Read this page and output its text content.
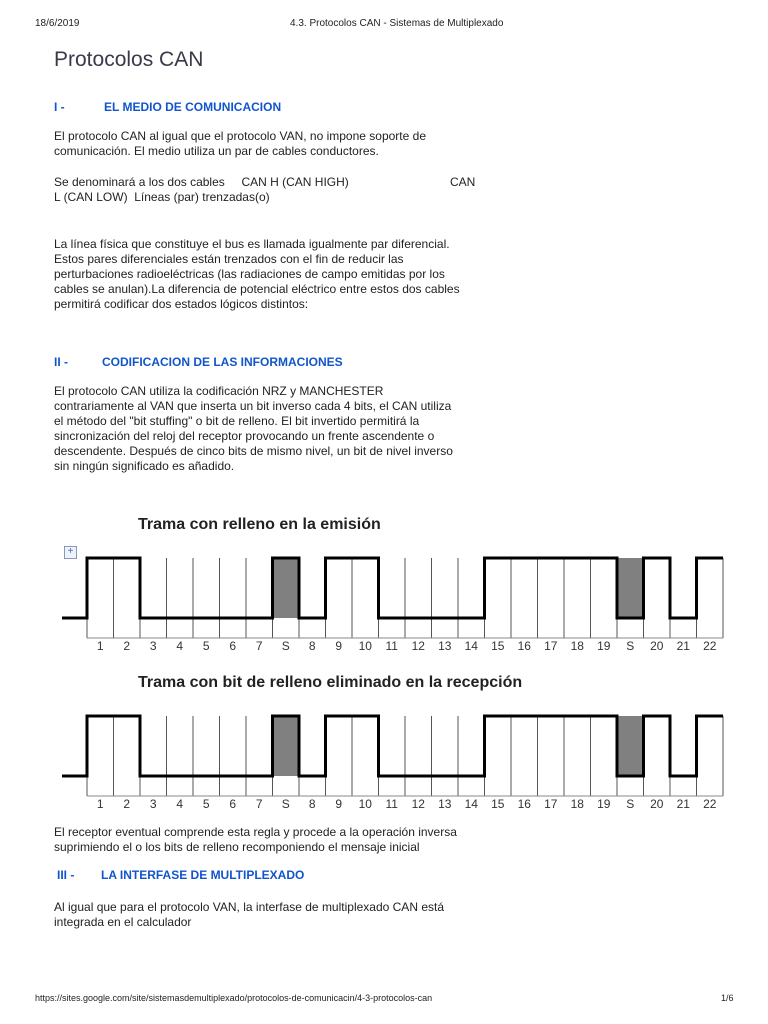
18/6/2019	4.3. Protocolos CAN - Sistemas de Multiplexado
Protocolos CAN
I -	EL MEDIO DE COMUNICACION

El protocolo CAN al igual que el protocolo VAN, no impone soporte de
comunicación. El medio utiliza un par de cables conductores.

Se denominará a los dos cables     CAN H (CAN HIGH)
L (CAN LOW)  Líneas (par) trenzadas(o)

CAN

La línea física que constituye el bus es llamada igualmente par diferencial.
Estos pares diferenciales están trenzados con el fin de reducir las
perturbaciones radioeléctricas (las radiaciones de campo emitidas por los
cables se anulan).La diferencia de potencial eléctrico entre estos dos cables
permitirá codificar dos estados lógicos distintos:

II -	CODIFICACION DE LAS INFORMACIONES

El protocolo CAN utiliza la codificación NRZ y MANCHESTER
contrariamente al VAN que inserta un bit inverso cada 4 bits, el CAN utiliza
el método del "bit stuffing" o bit de relleno. El bit invertido permitirá la
sincronización del reloj del receptor provocando un frente ascendente o
descendente. Después de cinco bits de mismo nivel, un bit de nivel inverso
sin ningún significado es añadido.

Trama con relleno en la emisión
+
1 2 3 4 5 6 7 S 8 9 10 11 12 13 14 15 16 17 18 19 S 20 21 22
Trama con bit de relleno eliminado en la recepción
1 2 3 4 5 6 7 S 8 9 10 11 12 13 14 15 16 17 18 19 S 20 21 22

El receptor eventual comprende esta regla y procede a la operación inversa
suprimiendo el o los bits de relleno recomponiendo el mensaje inicial

III - LA INTERFASE DE MULTIPLEXADO

Al igual que para el protocolo VAN, la interfase de multiplexado CAN está
integrada en el calculador

https://sites.google.com/site/sistemasdemultiplexado/protocolos-de-comunicacin/4-3-protocolos-can	1/6
